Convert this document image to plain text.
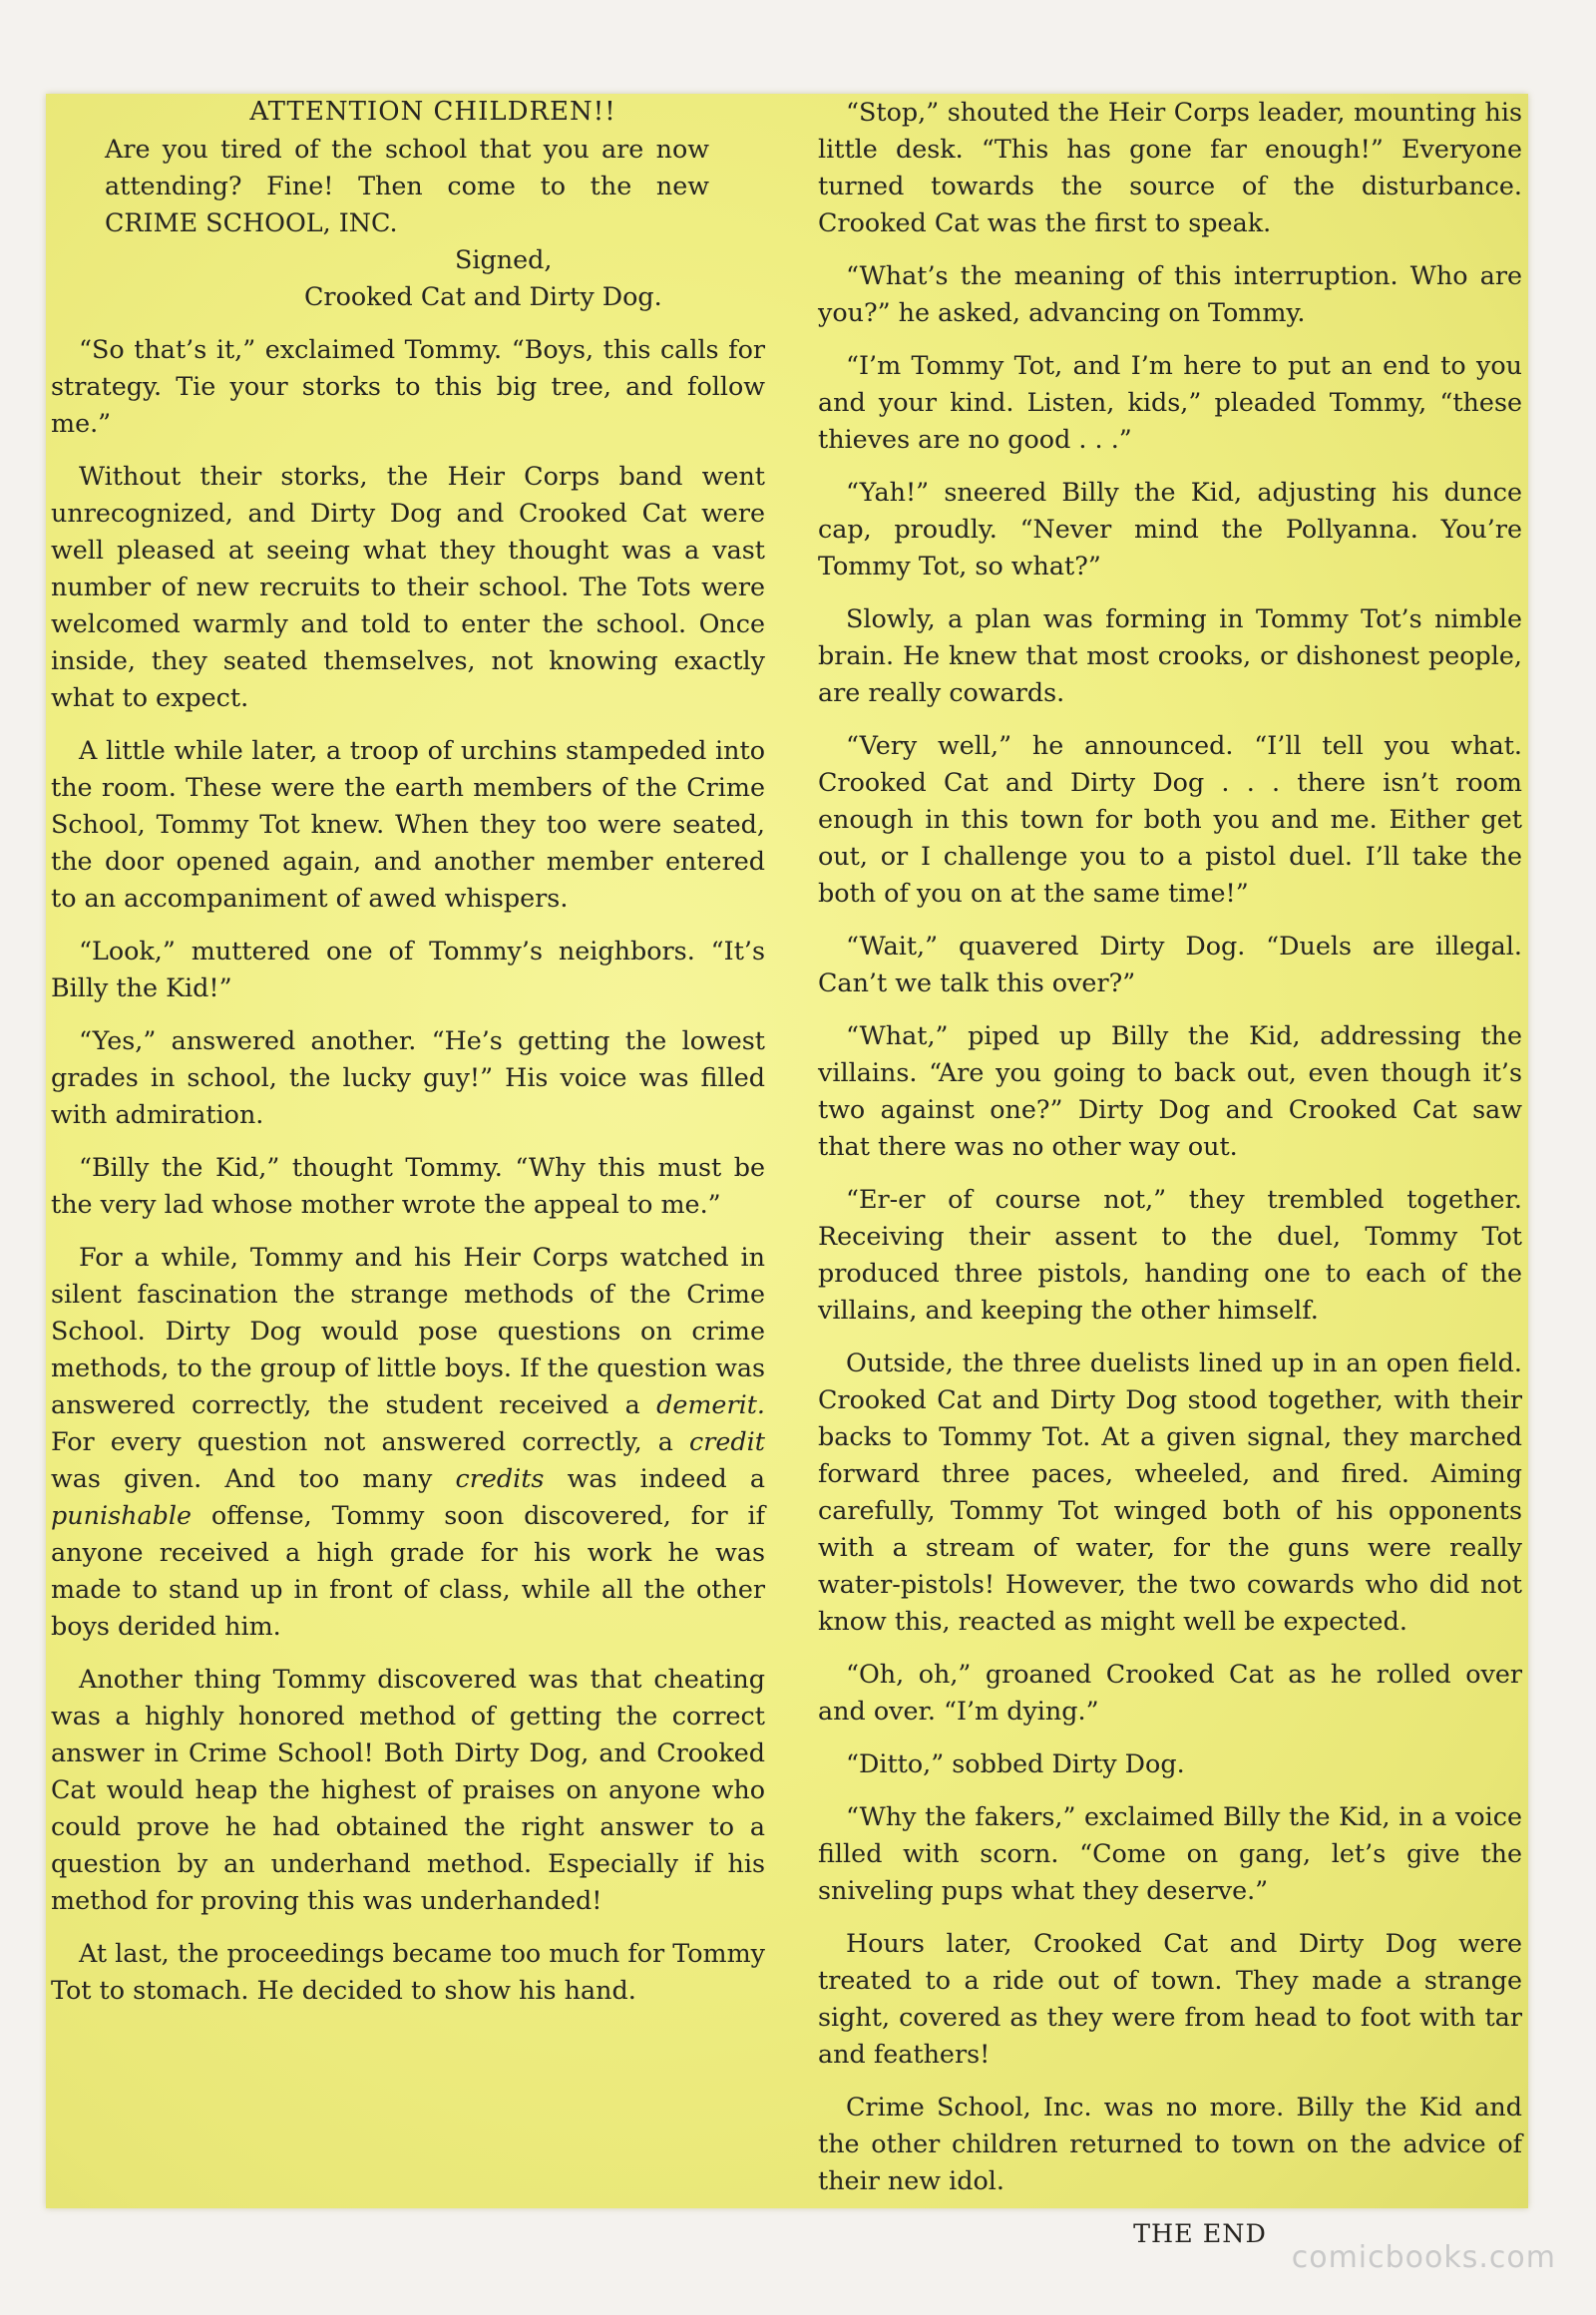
ATTENTION CHILDREN!!
Are you tired of the school that you are now attending? Fine! Then come to the new CRIME SCHOOL, INC.
Signed,
Crooked Cat and Dirty Dog.

“So that’s it,” exclaimed Tommy. “Boys, this calls for strategy. Tie your storks to this big tree, and follow me.”

Without their storks, the Heir Corps band went unrecognized, and Dirty Dog and Crooked Cat were well pleased at seeing what they thought was a vast number of new recruits to their school. The Tots were welcomed warmly and told to enter the school. Once inside, they seated themselves, not knowing exactly what to expect.

A little while later, a troop of urchins stampeded into the room. These were the earth members of the Crime School, Tommy Tot knew. When they too were seated, the door opened again, and another member entered to an accompaniment of awed whispers.

“Look,” muttered one of Tommy’s neighbors. “It’s Billy the Kid!”

“Yes,” answered another. “He’s getting the lowest grades in school, the lucky guy!” His voice was filled with admiration.

“Billy the Kid,” thought Tommy. “Why this must be the very lad whose mother wrote the appeal to me.”

For a while, Tommy and his Heir Corps watched in silent fascination the strange methods of the Crime School. Dirty Dog would pose questions on crime methods, to the group of little boys. If the question was answered correctly, the student received a demerit. For every question not answered correctly, a credit was given. And too many credits was indeed a punishable offense, Tommy soon discovered, for if anyone received a high grade for his work he was made to stand up in front of class, while all the other boys derided him.

Another thing Tommy discovered was that cheating was a highly honored method of getting the correct answer in Crime School! Both Dirty Dog, and Crooked Cat would heap the highest of praises on anyone who could prove he had obtained the right answer to a question by an underhand method. Especially if his method for proving this was underhanded!

At last, the proceedings became too much for Tommy Tot to stomach. He decided to show his hand.

“Stop,” shouted the Heir Corps leader, mounting his little desk. “This has gone far enough!” Everyone turned towards the source of the disturbance. Crooked Cat was the first to speak.

“What’s the meaning of this interruption. Who are you?” he asked, advancing on Tommy.

“I’m Tommy Tot, and I’m here to put an end to you and your kind. Listen, kids,” pleaded Tommy, “these thieves are no good . . .”

“Yah!” sneered Billy the Kid, adjusting his dunce cap, proudly. “Never mind the Pollyanna. You’re Tommy Tot, so what?”

Slowly, a plan was forming in Tommy Tot’s nimble brain. He knew that most crooks, or dishonest people, are really cowards.

“Very well,” he announced. “I’ll tell you what. Crooked Cat and Dirty Dog . . . there isn’t room enough in this town for both you and me. Either get out, or I challenge you to a pistol duel. I’ll take the both of you on at the same time!”

“Wait,” quavered Dirty Dog. “Duels are illegal. Can’t we talk this over?”

“What,” piped up Billy the Kid, addressing the villains. “Are you going to back out, even though it’s two against one?” Dirty Dog and Crooked Cat saw that there was no other way out.

“Er-er of course not,” they trembled together. Receiving their assent to the duel, Tommy Tot produced three pistols, handing one to each of the villains, and keeping the other himself.

Outside, the three duelists lined up in an open field. Crooked Cat and Dirty Dog stood together, with their backs to Tommy Tot. At a given signal, they marched forward three paces, wheeled, and fired. Aiming carefully, Tommy Tot winged both of his opponents with a stream of water, for the guns were really water-pistols! However, the two cowards who did not know this, reacted as might well be expected.

“Oh, oh,” groaned Crooked Cat as he rolled over and over. “I’m dying.”

“Ditto,” sobbed Dirty Dog.

“Why the fakers,” exclaimed Billy the Kid, in a voice filled with scorn. “Come on gang, let’s give the sniveling pups what they deserve.”

Hours later, Crooked Cat and Dirty Dog were treated to a ride out of town. They made a strange sight, covered as they were from head to foot with tar and feathers!

Crime School, Inc. was no more. Billy the Kid and the other children returned to town on the advice of their new idol.

THE END

comicbooks.com
